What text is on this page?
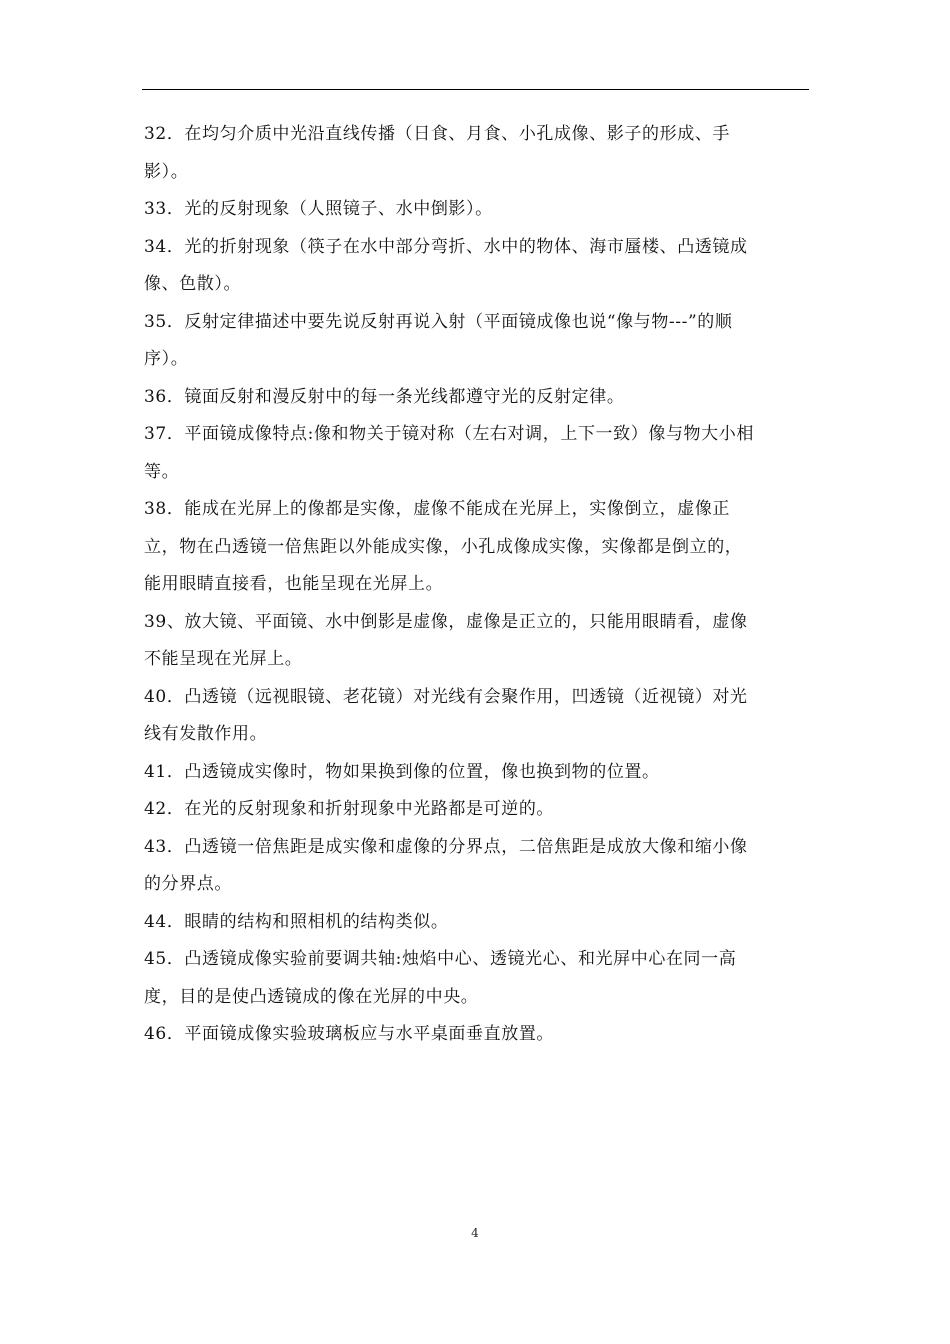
32．在均匀介质中光沿直线传播（日食、月食、小孔成像、影子的形成、手
影）。
33．光的反射现象（人照镜子、水中倒影）。
34．光的折射现象（筷子在水中部分弯折、水中的物体、海市蜃楼、凸透镜成
像、色散）。
35．反射定律描述中要先说反射再说入射（平面镜成像也说“像与物---”的顺
序）。
36．镜面反射和漫反射中的每一条光线都遵守光的反射定律。
37．平面镜成像特点:像和物关于镜对称（左右对调，上下一致）像与物大小相
等。
38．能成在光屏上的像都是实像，虚像不能成在光屏上，实像倒立，虚像正
立，物在凸透镜一倍焦距以外能成实像，小孔成像成实像，实像都是倒立的，
能用眼睛直接看，也能呈现在光屏上。
39、放大镜、平面镜、水中倒影是虚像，虚像是正立的，只能用眼睛看，虚像
不能呈现在光屏上。
40．凸透镜（远视眼镜、老花镜）对光线有会聚作用，凹透镜（近视镜）对光
线有发散作用。
41．凸透镜成实像时，物如果换到像的位置，像也换到物的位置。
42．在光的反射现象和折射现象中光路都是可逆的。
43．凸透镜一倍焦距是成实像和虚像的分界点，二倍焦距是成放大像和缩小像
的分界点。
44．眼睛的结构和照相机的结构类似。
45．凸透镜成像实验前要调共轴:烛焰中心、透镜光心、和光屏中心在同一高
度，目的是使凸透镜成的像在光屏的中央。
46．平面镜成像实验玻璃板应与水平桌面垂直放置。
4
